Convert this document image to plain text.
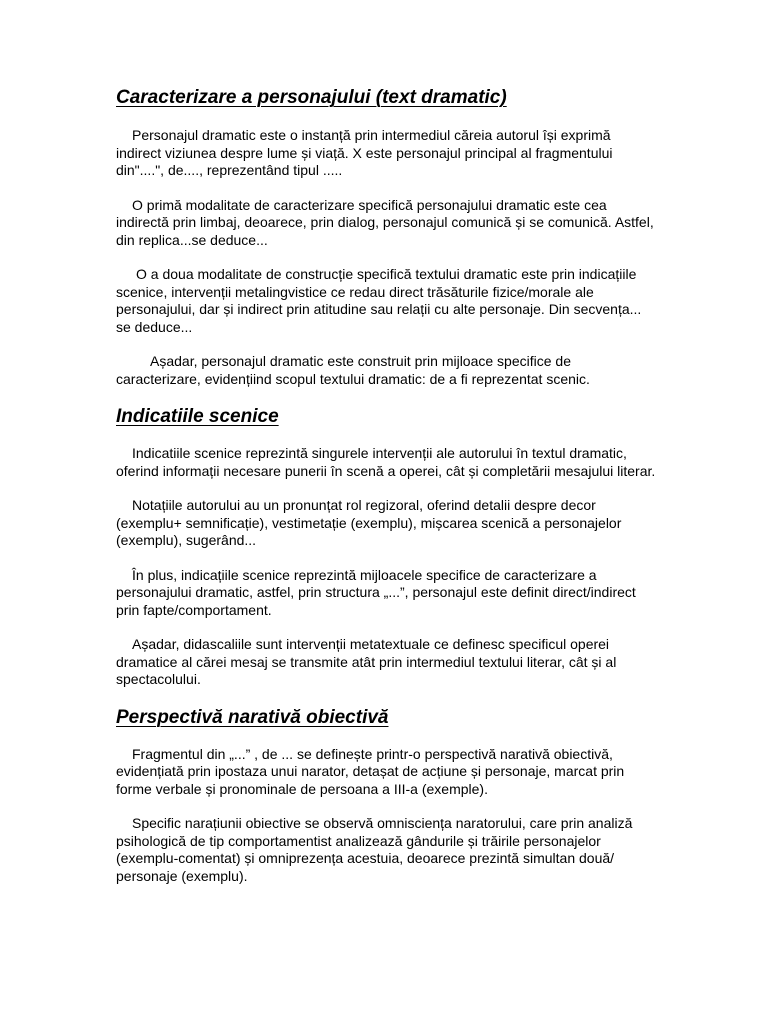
Caracterizare a personajului (text dramatic)

Personajul dramatic este o instanță prin intermediul căreia autorul își exprimă indirect viziunea despre lume și viață. X este personajul principal al fragmentului din"....", de...., reprezentând tipul .....

O primă modalitate de caracterizare specifică personajului dramatic este cea indirectă prin limbaj, deoarece, prin dialog, personajul comunică și se comunică. Astfel, din replica...se deduce...

O a doua modalitate de construcție specifică textului dramatic este prin indicațiile scenice, intervenții metalingvistice ce redau direct trăsăturile fizice/morale ale personajului, dar și indirect prin atitudine sau relații cu alte personaje. Din secvența... se deduce...

Așadar, personajul dramatic este construit prin mijloace specifice de caracterizare, evidențiind scopul textului dramatic: de a fi reprezentat scenic.

Indicatiile scenice

Indicatiile scenice reprezintă singurele intervenții ale autorului în textul dramatic, oferind informații necesare punerii în scenă a operei, cât și completării mesajului literar.

Notațiile autorului au un pronunțat rol regizoral, oferind detalii despre decor (exemplu+ semnificație), vestimetație (exemplu), mișcarea scenică a personajelor (exemplu), sugerând...

În plus, indicațiile scenice reprezintă mijloacele specifice de caracterizare a personajului dramatic, astfel, prin structura „...”, personajul este definit direct/indirect prin fapte/comportament.

Așadar, didascaliile sunt intervenții metatextuale ce definesc specificul operei dramatice al cărei mesaj se transmite atât prin intermediul textului literar, cât și al spectacolului.

Perspectivă narativă obiectivă

Fragmentul din „...” , de ... se definește printr-o perspectivă narativă obiectivă, evidențiată prin ipostaza unui narator, detașat de acțiune și personaje, marcat prin forme verbale și pronominale de persoana a III-a (exemple).

Specific narațiunii obiective se observă omnisciența naratorului, care prin analiză psihologică de tip comportamentist analizează gândurile și trăirile personajelor (exemplu-comentat) și omniprezența acestuia, deoarece prezintă simultan două/ personaje (exemplu).
